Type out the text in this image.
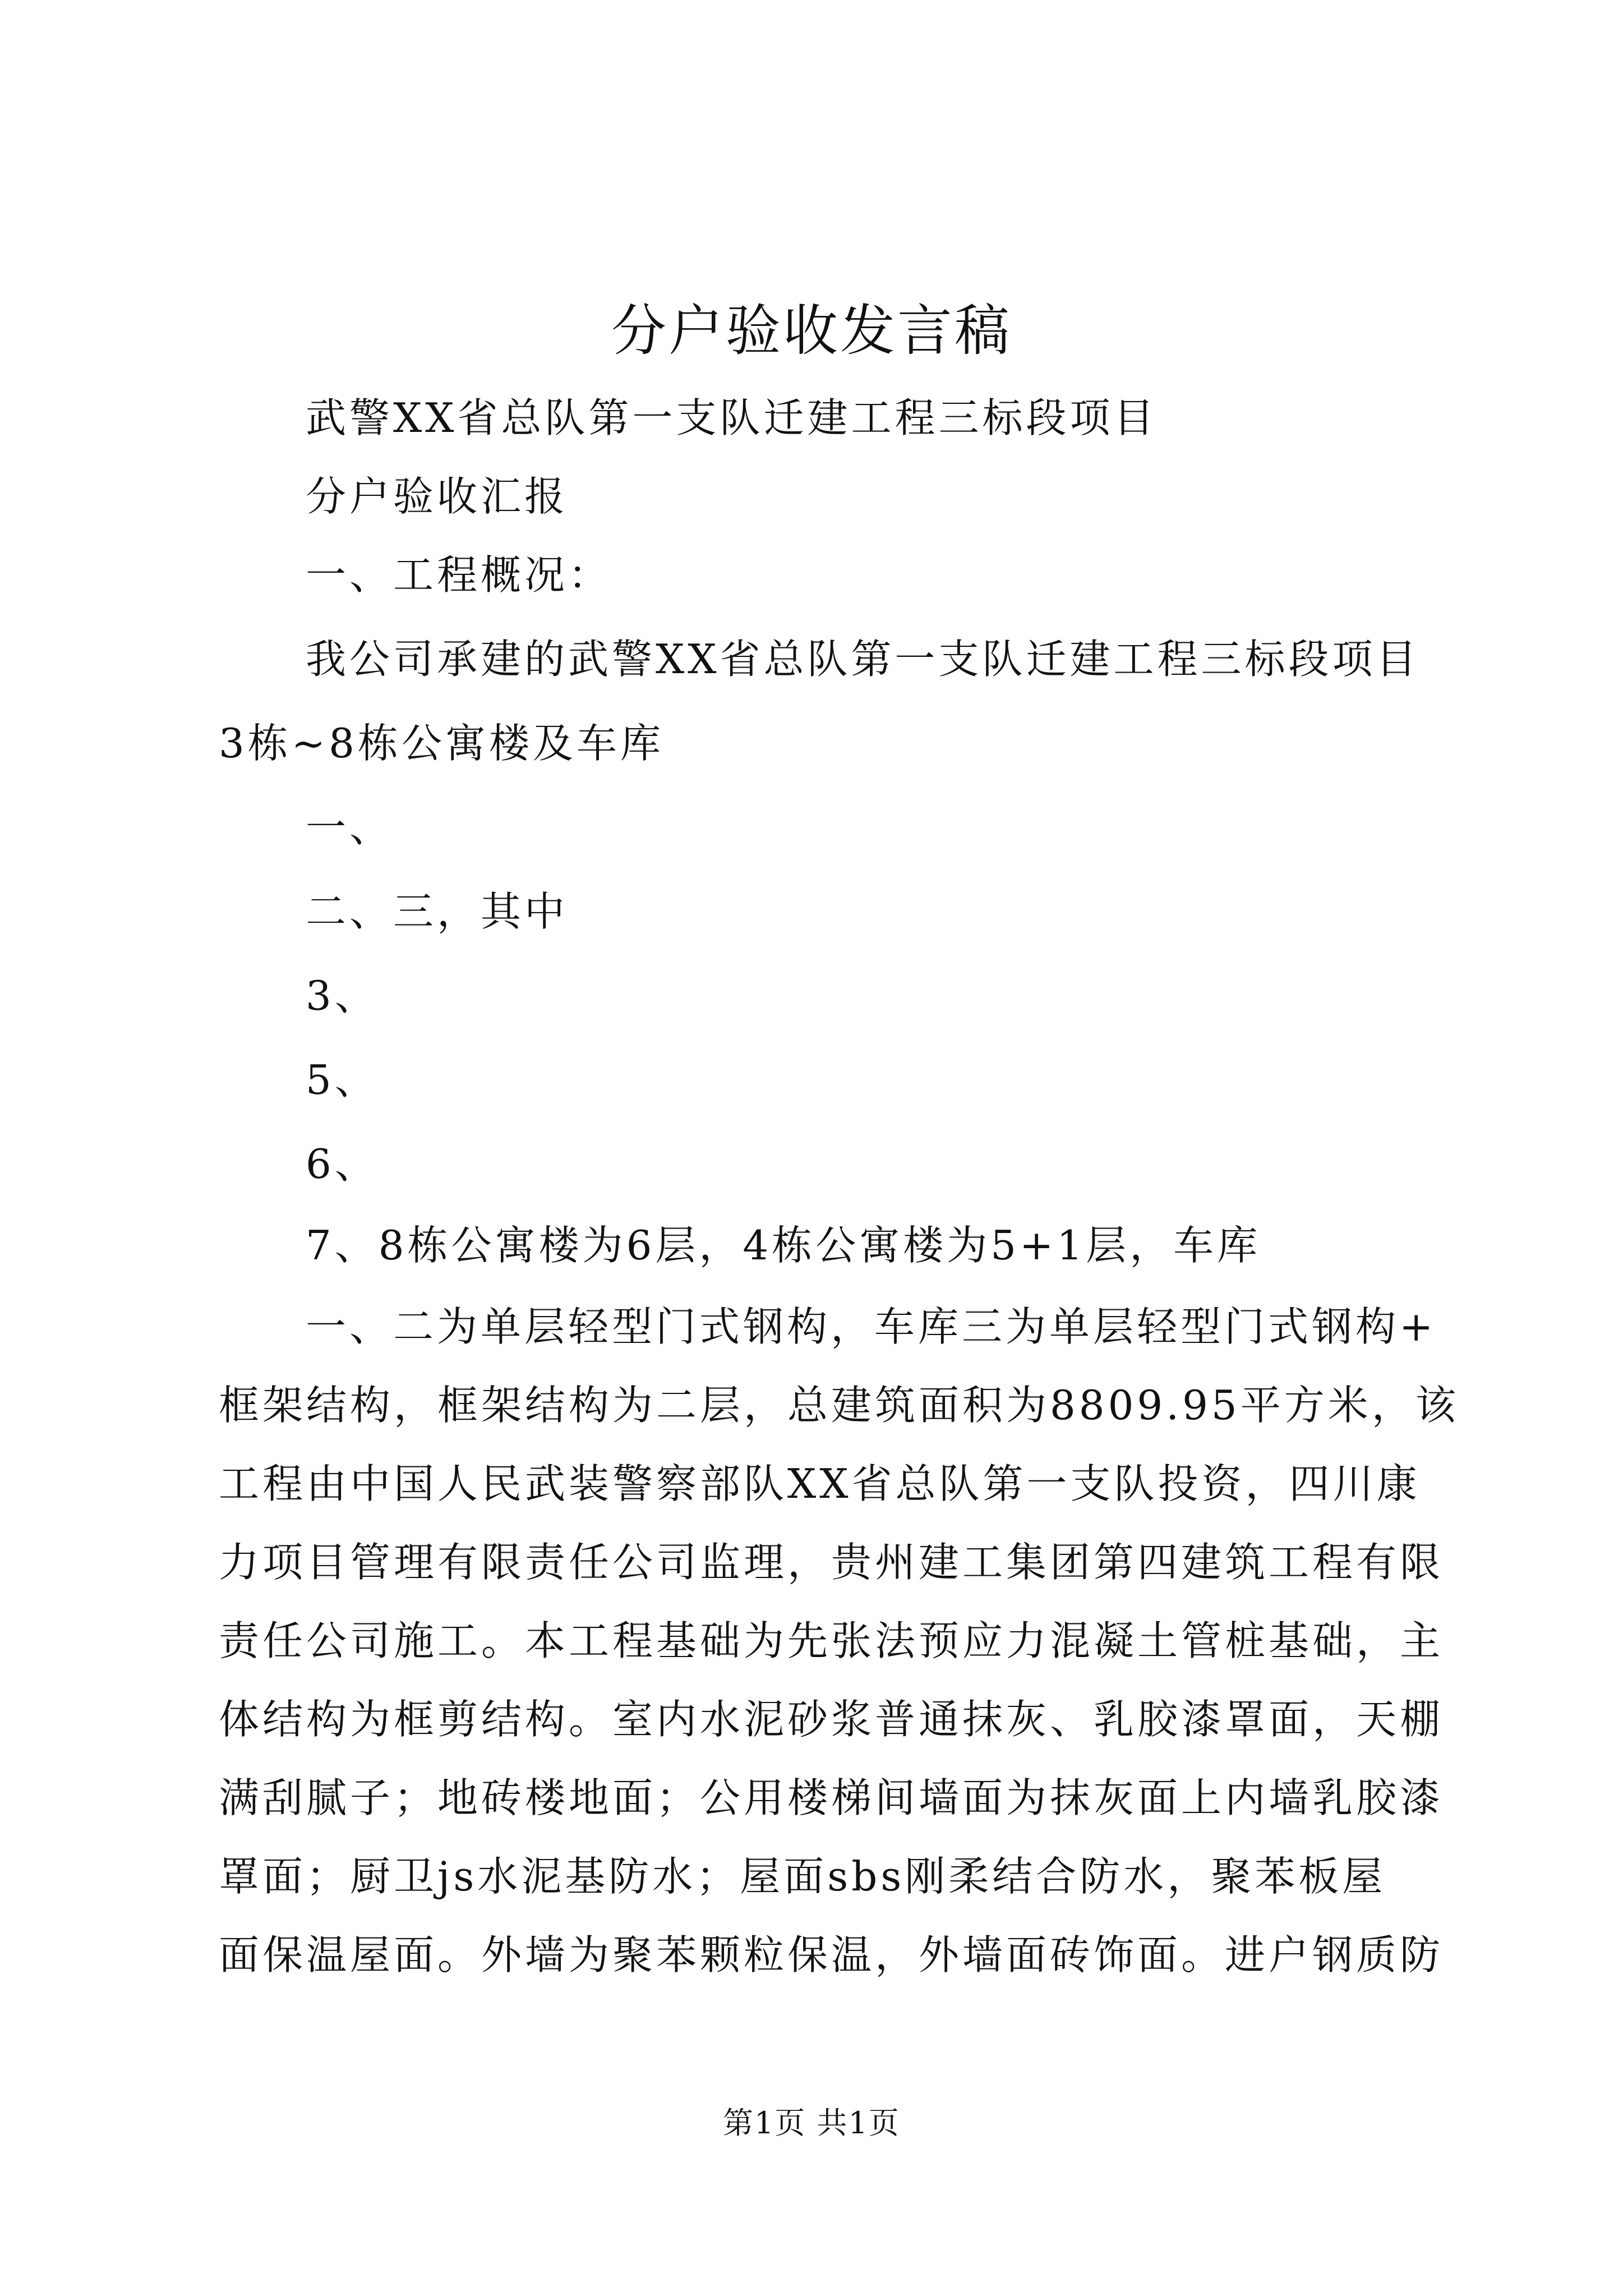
分户验收发言稿
武警XX省总队第一支队迁建工程三标段项目
分户验收汇报
一、工程概况：
我公司承建的武警XX省总队第一支队迁建工程三标段项目
3栋~8栋公寓楼及车库
一、
二、三，其中
3、
5、
6、
7、8栋公寓楼为6层，4栋公寓楼为5+1层，车库
一、二为单层轻型门式钢构，车库三为单层轻型门式钢构+
框架结构，框架结构为二层，总建筑面积为8809.95平方米，该
工程由中国人民武装警察部队XX省总队第一支队投资，四川康
力项目管理有限责任公司监理，贵州建工集团第四建筑工程有限
责任公司施工。本工程基础为先张法预应力混凝土管桩基础，主
体结构为框剪结构。室内水泥砂浆普通抹灰、乳胶漆罩面，天棚
满刮腻子；地砖楼地面；公用楼梯间墙面为抹灰面上内墙乳胶漆
罩面；厨卫js水泥基防水；屋面sbs刚柔结合防水，聚苯板屋
面保温屋面。外墙为聚苯颗粒保温，外墙面砖饰面。进户钢质防
第1页 共1页
